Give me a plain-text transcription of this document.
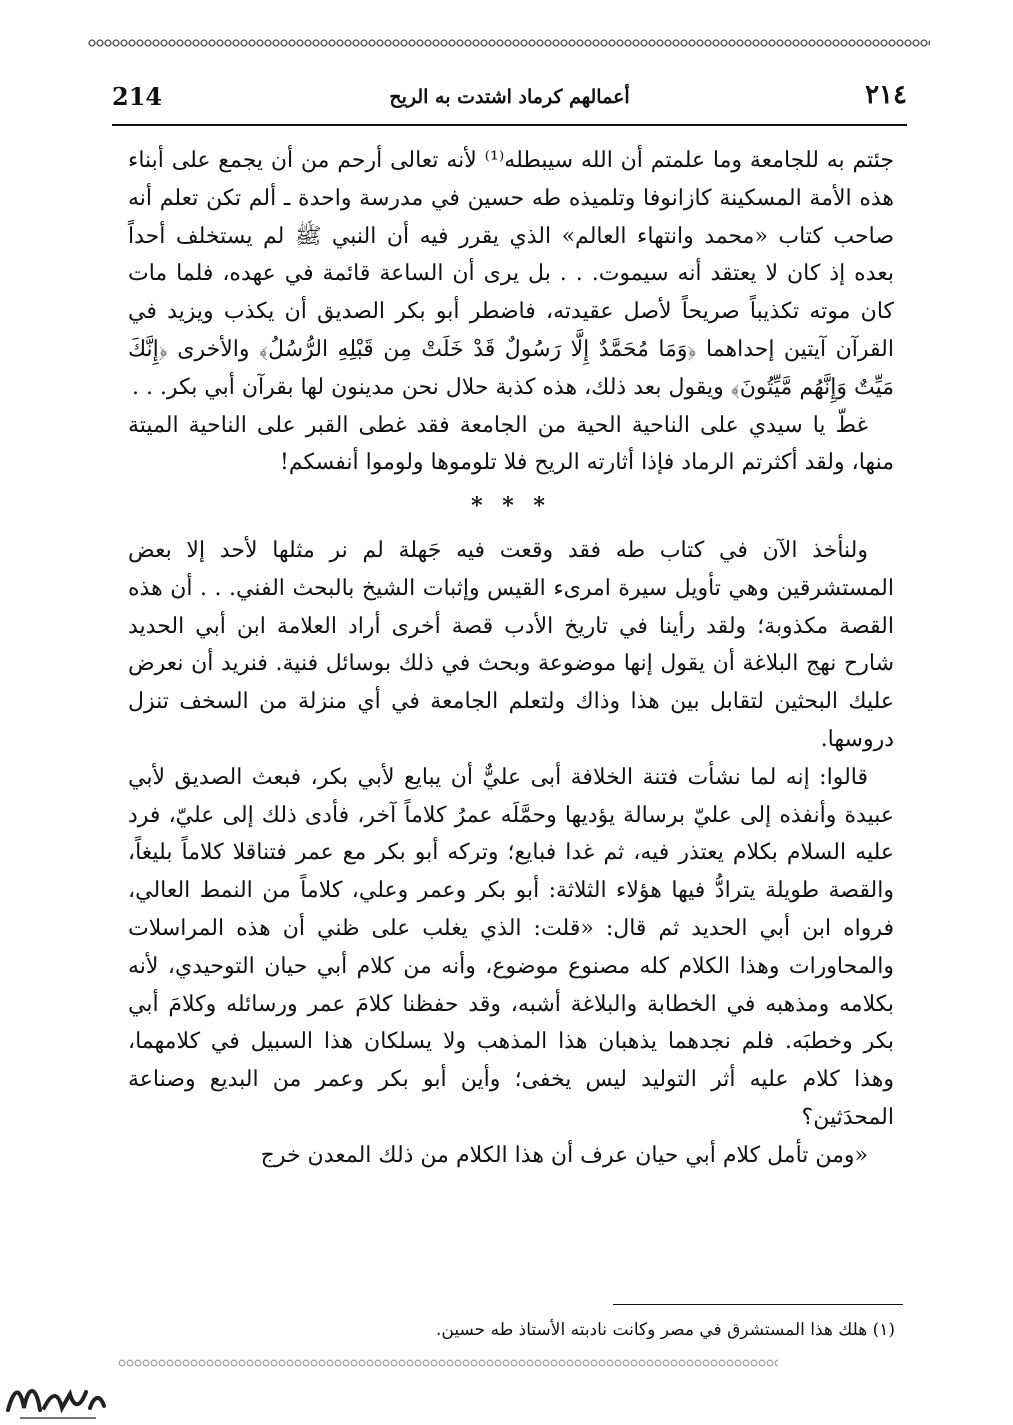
214	أعمالهم كرماد اشتدت به الريح	٢١٤

جئتم به للجامعة وما علمتم أن الله سيبطله⁽¹⁾ لأنه تعالى أرحم من أن يجمع على أبناء هذه الأمة المسكينة كازانوفا وتلميذه طه حسين في مدرسة واحدة ـ ألم تكن تعلم أنه صاحب كتاب «محمد وانتهاء العالم» الذي يقرر فيه أن النبي ﷺ لم يستخلف أحداً بعده إذ كان لا يعتقد أنه سيموت. . . بل يرى أن الساعة قائمة في عهده، فلما مات كان موته تكذيباً صريحاً لأصل عقيدته، فاضطر أبو بكر الصديق أن يكذب ويزيد في القرآن آيتين إحداهما ﴿وَمَا مُحَمَّدٌ إِلَّا رَسُولٌ قَدْ خَلَتْ مِن قَبْلِهِ الرُّسُلُ﴾ والأخرى ﴿إِنَّكَ مَيِّتٌ وَإِنَّهُم مَّيِّتُونَ﴾ ويقول بعد ذلك، هذه كذبة حلال نحن مدينون لها بقرآن أبي بكر. . .

غطّ يا سيدي على الناحية الحية من الجامعة فقد غطى القبر على الناحية الميتة منها، ولقد أكثرتم الرماد فإذا أثارته الريح فلا تلوموها ولوموا أنفسكم!

* * *

ولنأخذ الآن في كتاب طه فقد وقعت فيه جَهلة لم نر مثلها لأحد إلا بعض المستشرقين وهي تأويل سيرة امرىء القيس وإثبات الشيخ بالبحث الفني. . . أن هذه القصة مكذوبة؛ ولقد رأينا في تاريخ الأدب قصة أخرى أراد العلامة ابن أبي الحديد شارح نهج البلاغة أن يقول إنها موضوعة وبحث في ذلك بوسائل فنية. فنريد أن نعرض عليك البحثين لتقابل بين هذا وذاك ولتعلم الجامعة في أي منزلة من السخف تنزل دروسها.

قالوا: إنه لما نشأت فتنة الخلافة أبى عليٌّ أن يبايع لأبي بكر، فبعث الصديق لأبي عبيدة وأنفذه إلى عليّ برسالة يؤديها وحمَّلَه عمرُ كلاماً آخر، فأدى ذلك إلى عليّ، فرد عليه السلام بكلام يعتذر فيه، ثم غدا فبايع؛ وتركه أبو بكر مع عمر فتناقلا كلاماً بليغاً، والقصة طويلة يترادُّ فيها هؤلاء الثلاثة: أبو بكر وعمر وعلي، كلاماً من النمط العالي، فرواه ابن أبي الحديد ثم قال: «قلت: الذي يغلب على ظني أن هذه المراسلات والمحاورات وهذا الكلام كله مصنوع موضوع، وأنه من كلام أبي حيان التوحيدي، لأنه بكلامه ومذهبه في الخطابة والبلاغة أشبه، وقد حفظنا كلامَ عمر ورسائله وكلامَ أبي بكر وخطبَه. فلم نجدهما يذهبان هذا المذهب ولا يسلكان هذا السبيل في كلامهما، وهذا كلام عليه أثر التوليد ليس يخفى؛ وأين أبو بكر وعمر من البديع وصناعة المحدَثين؟

«ومن تأمل كلام أبي حيان عرف أن هذا الكلام من ذلك المعدن خرج

(١) هلك هذا المستشرق في مصر وكانت نادبته الأستاذ طه حسين.
